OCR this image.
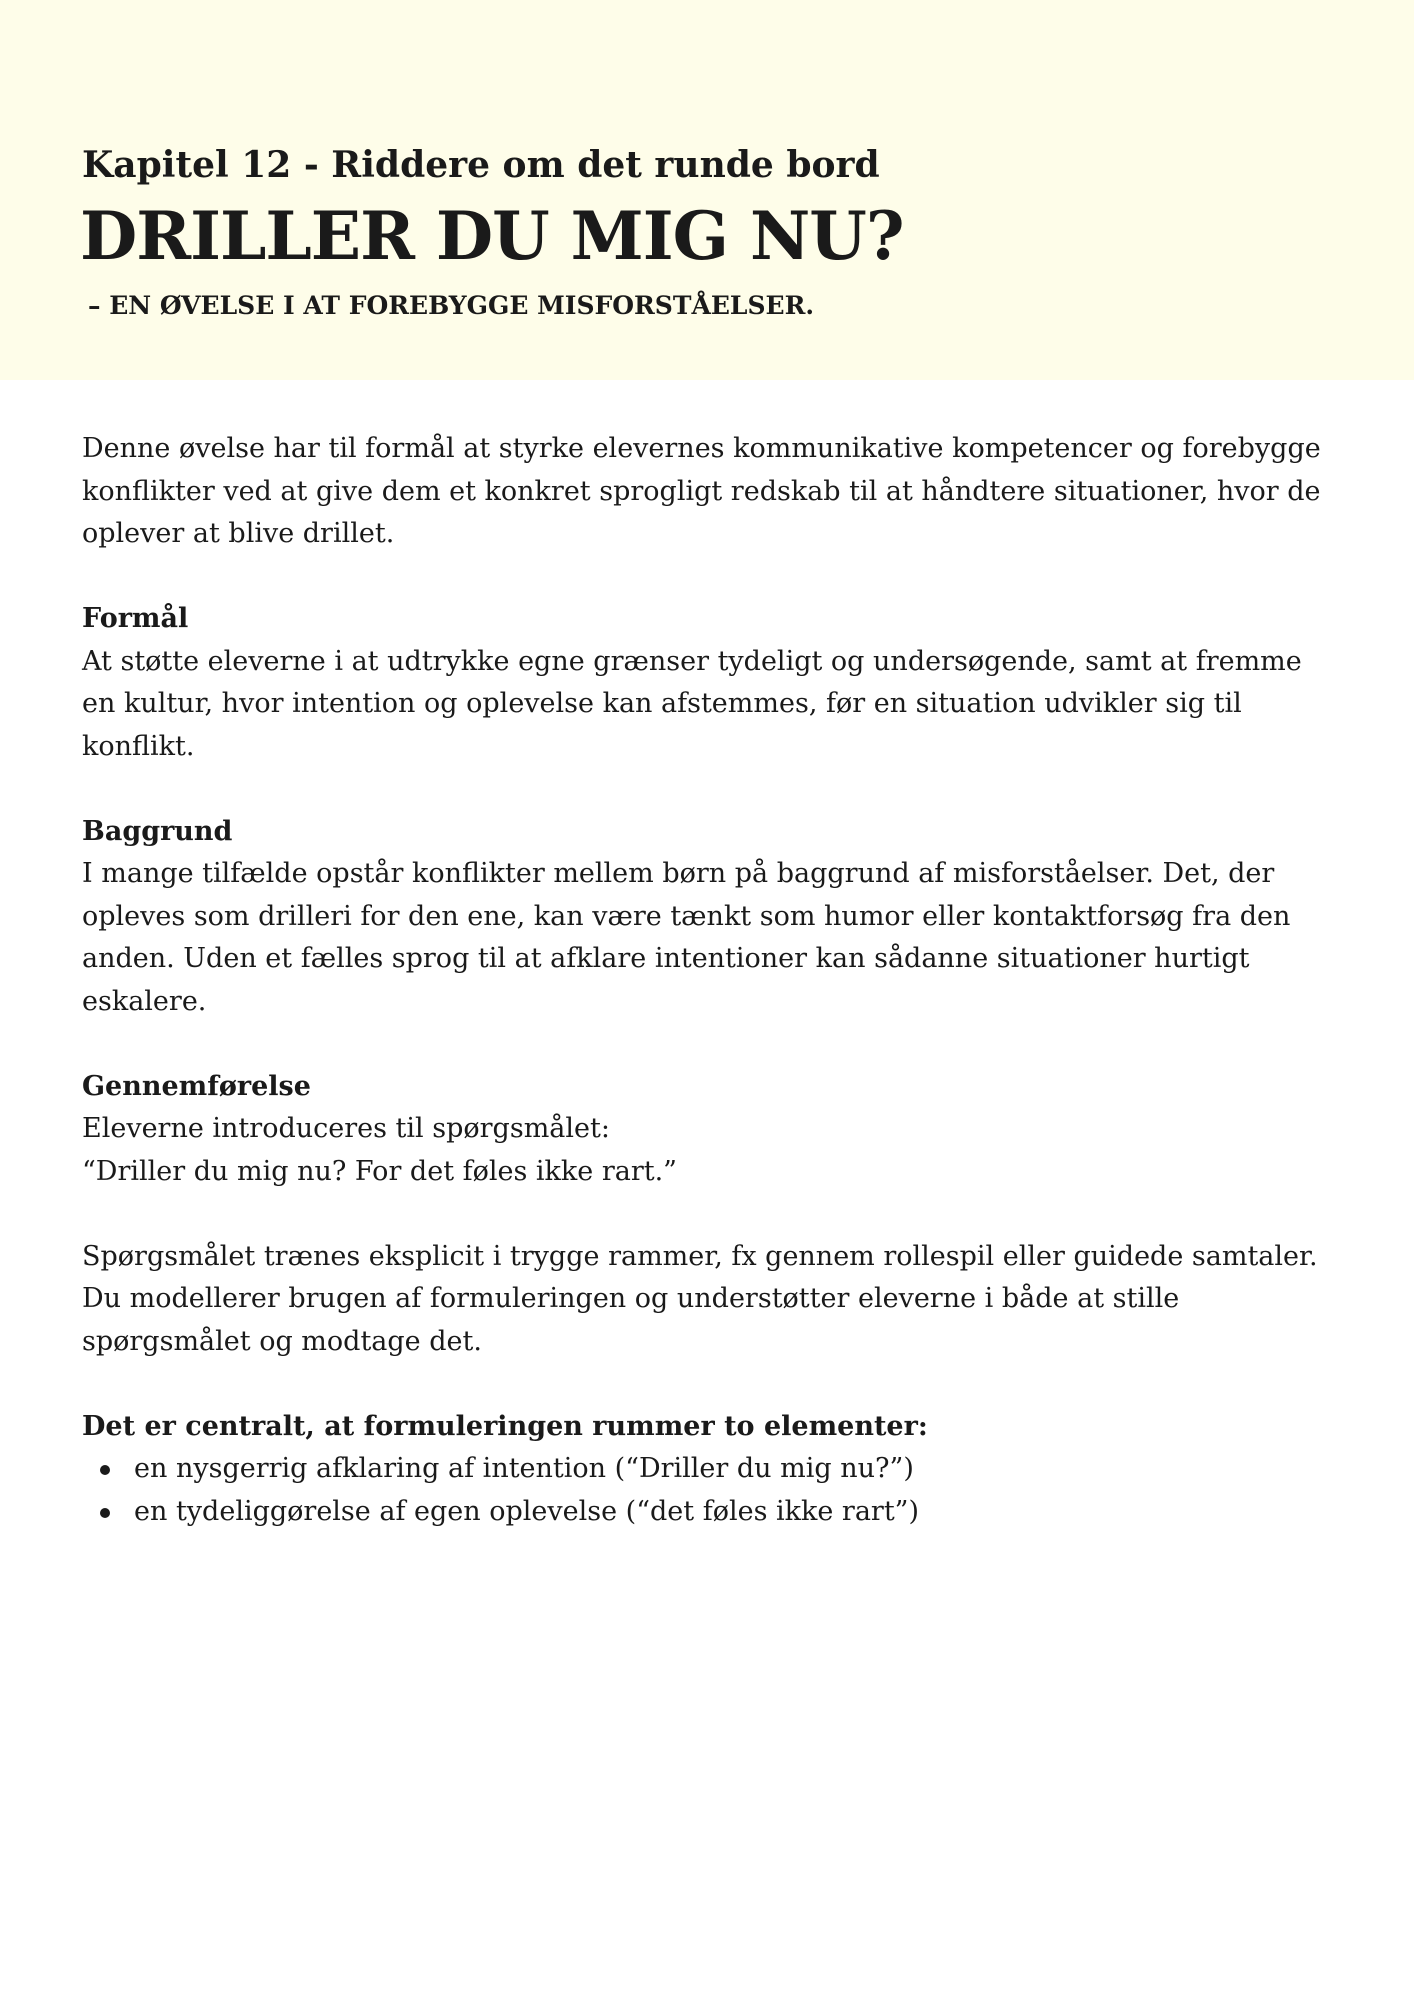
Kapitel 12 - Riddere om det runde bord
DRILLER DU MIG NU?
– EN ØVELSE I AT FOREBYGGE MISFORSTÅELSER.

Denne øvelse har til formål at styrke elevernes kommunikative kompetencer og forebygge konflikter ved at give dem et konkret sprogligt redskab til at håndtere situationer, hvor de oplever at blive drillet.

Formål

At støtte eleverne i at udtrykke egne grænser tydeligt og undersøgende, samt at fremme en kultur, hvor intention og oplevelse kan afstemmes, før en situation udvikler sig til konflikt.

Baggrund

I mange tilfælde opstår konflikter mellem børn på baggrund af misforståelser. Det, der opleves som drilleri for den ene, kan være tænkt som humor eller kontaktforsøg fra den anden. Uden et fælles sprog til at afklare intentioner kan sådanne situationer hurtigt eskalere.

Gennemførelse

Eleverne introduceres til spørgsmålet:

“Driller du mig nu? For det føles ikke rart.”

Spørgsmålet trænes eksplicit i trygge rammer, fx gennem rollespil eller guidede samtaler. Du modellerer brugen af formuleringen og understøtter eleverne i både at stille spørgsmålet og modtage det.

Det er centralt, at formuleringen rummer to elementer:

en nysgerrig afklaring af intention (“Driller du mig nu?”)
en tydeliggørelse af egen oplevelse (“det føles ikke rart”)
